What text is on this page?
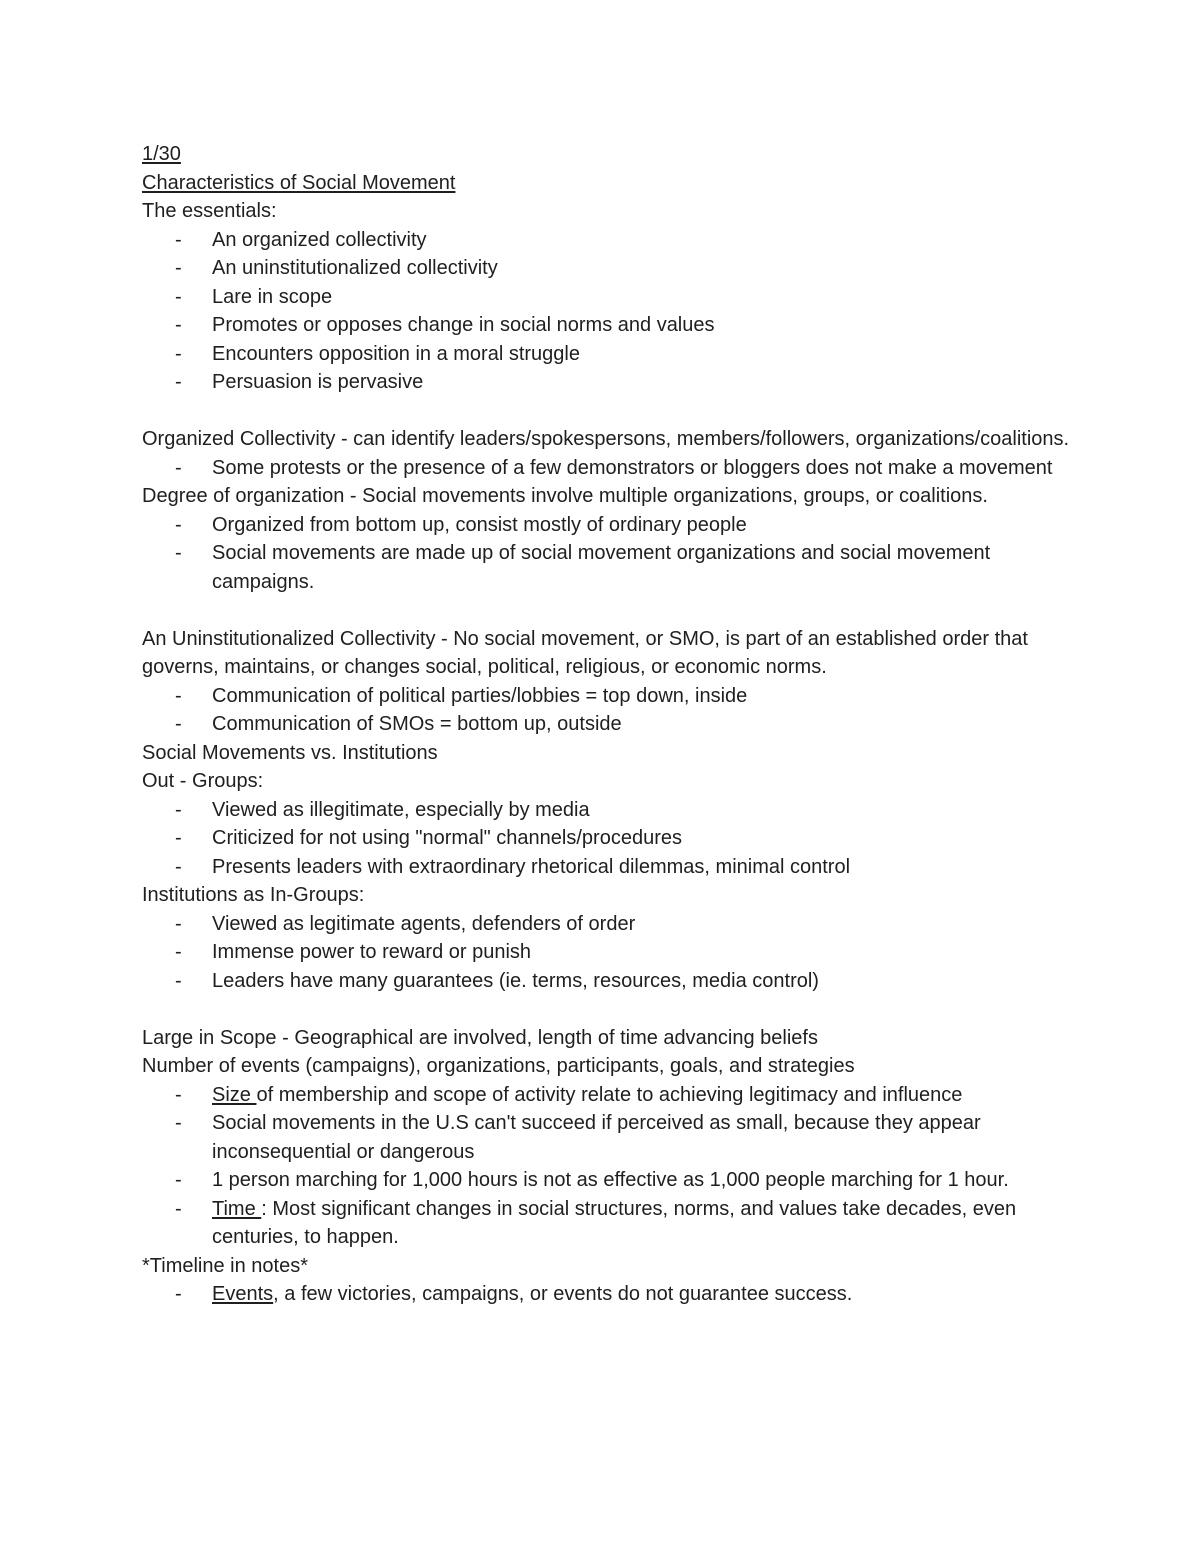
1/30

Characteristics of Social Movement

The essentials:

- An organized collectivity
- An uninstitutionalized collectivity
- Lare in scope
- Promotes or opposes change in social norms and values
- Encounters opposition in a moral struggle
- Persuasion is pervasive

Organized Collectivity - can identify leaders/spokespersons, members/followers, organizations/coalitions.

- Some protests or the presence of a few demonstrators or bloggers does not make a movement

Degree of organization - Social movements involve multiple organizations, groups, or coalitions.

- Organized from bottom up, consist mostly of ordinary people
- Social movements are made up of social movement organizations and social movement campaigns.

An Uninstitutionalized Collectivity - No social movement, or SMO, is part of an established order that governs, maintains, or changes social, political, religious, or economic norms.

- Communication of political parties/lobbies = top down, inside
- Communication of SMOs = bottom up, outside

Social Movements vs. Institutions

Out - Groups:

- Viewed as illegitimate, especially by media
- Criticized for not using "normal" channels/procedures
- Presents leaders with extraordinary rhetorical dilemmas, minimal control

Institutions as In-Groups:

- Viewed as legitimate agents, defenders of order
- Immense power to reward or punish
- Leaders have many guarantees (ie. terms, resources, media control)

Large in Scope - Geographical are involved, length of time advancing beliefs

Number of events (campaigns), organizations, participants, goals, and strategies

- Size of membership and scope of activity relate to achieving legitimacy and influence
- Social movements in the U.S can't succeed if perceived as small, because they appear inconsequential or dangerous
- 1 person marching for 1,000 hours is not as effective as 1,000 people marching for 1 hour.
- Time : Most significant changes in social structures, norms, and values take decades, even centuries, to happen.

*Timeline in notes*

- Events, a few victories, campaigns, or events do not guarantee success.
